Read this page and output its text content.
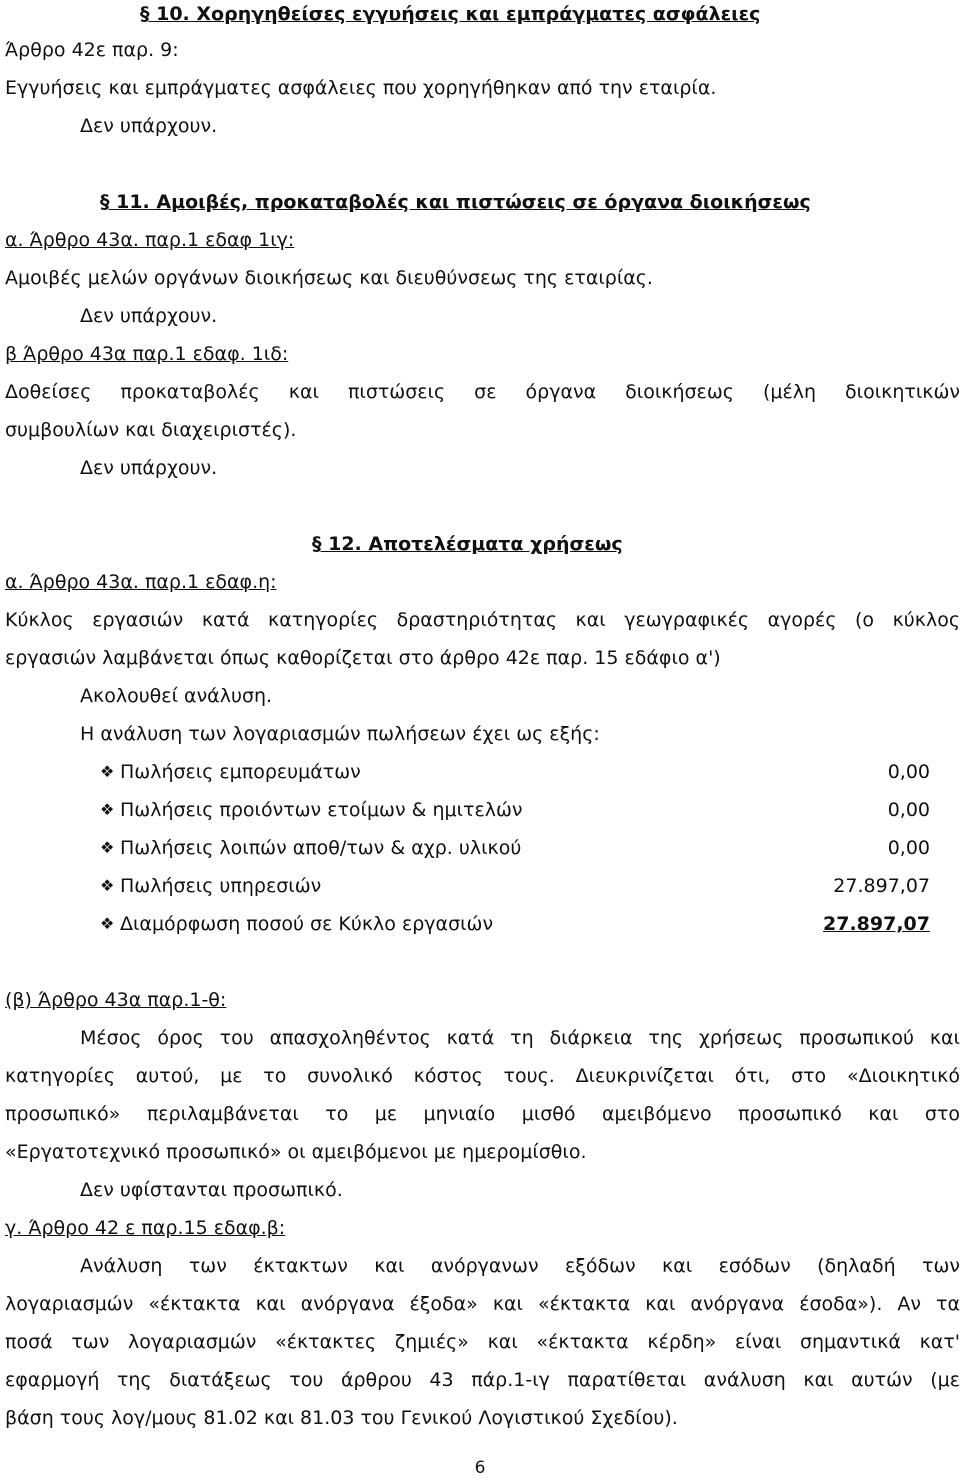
§ 10. Χορηγηθείσες εγγυήσεις και εμπράγματες ασφάλειες
Άρθρο 42ε παρ. 9:
Εγγυήσεις και εμπράγματες ασφάλειες που χορηγήθηκαν από την εταιρία.
Δεν υπάρχουν.
§ 11. Αμοιβές, προκαταβολές και πιστώσεις σε όργανα διοικήσεως
α. Άρθρο 43α. παρ.1 εδαφ 1ιγ:
Αμοιβές μελών οργάνων διοικήσεως και διευθύνσεως της εταιρίας.
Δεν υπάρχουν.
β Άρθρο 43α παρ.1 εδαφ. 1ιδ:
Δοθείσες προκαταβολές και πιστώσεις σε όργανα διοικήσεως (μέλη διοικητικών
συμβουλίων και διαχειριστές).
Δεν υπάρχουν.
§ 12. Αποτελέσματα χρήσεως
α. Άρθρο 43α. παρ.1 εδαφ.η:
Κύκλος εργασιών κατά κατηγορίες δραστηριότητας και γεωγραφικές αγορές (ο κύκλος
εργασιών λαμβάνεται όπως καθορίζεται στο άρθρο 42ε παρ. 15 εδάφιο α')
Ακολουθεί ανάλυση.
Η ανάλυση των λογαριασμών πωλήσεων έχει ως εξής:
❖ Πωλήσεις εμπορευμάτων	0,00
❖ Πωλήσεις προιόντων ετοίμων & ημιτελών	0,00
❖ Πωλήσεις λοιπών αποθ/των & αχρ. υλικού	0,00
❖ Πωλήσεις υπηρεσιών	27.897,07
❖ Διαμόρφωση ποσού σε Κύκλο εργασιών	27.897,07
(β) Άρθρο 43α παρ.1-θ:
Μέσος όρος του απασχοληθέντος κατά τη διάρκεια της χρήσεως προσωπικού και
κατηγορίες αυτού, με το συνολικό κόστος τους. Διευκρινίζεται ότι, στο «Διοικητικό
προσωπικό» περιλαμβάνεται το με μηνιαίο μισθό αμειβόμενο προσωπικό και στο
«Εργατοτεχνικό προσωπικό» οι αμειβόμενοι με ημερομίσθιο.
Δεν υφίστανται προσωπικό.
γ. Άρθρο 42 ε παρ.15 εδαφ.β:
Ανάλυση των έκτακτων και ανόργανων εξόδων και εσόδων (δηλαδή των
λογαριασμών «έκτακτα και ανόργανα έξοδα» και «έκτακτα και ανόργανα έσοδα»). Αν τα
ποσά των λογαριασμών «έκτακτες ζημιές» και «έκτακτα κέρδη» είναι σημαντικά κατ'
εφαρμογή της διατάξεως του άρθρου 43 πάρ.1-ιγ παρατίθεται ανάλυση και αυτών (με
βάση τους λογ/μους 81.02 και 81.03 του Γενικού Λογιστικού Σχεδίου).
6
